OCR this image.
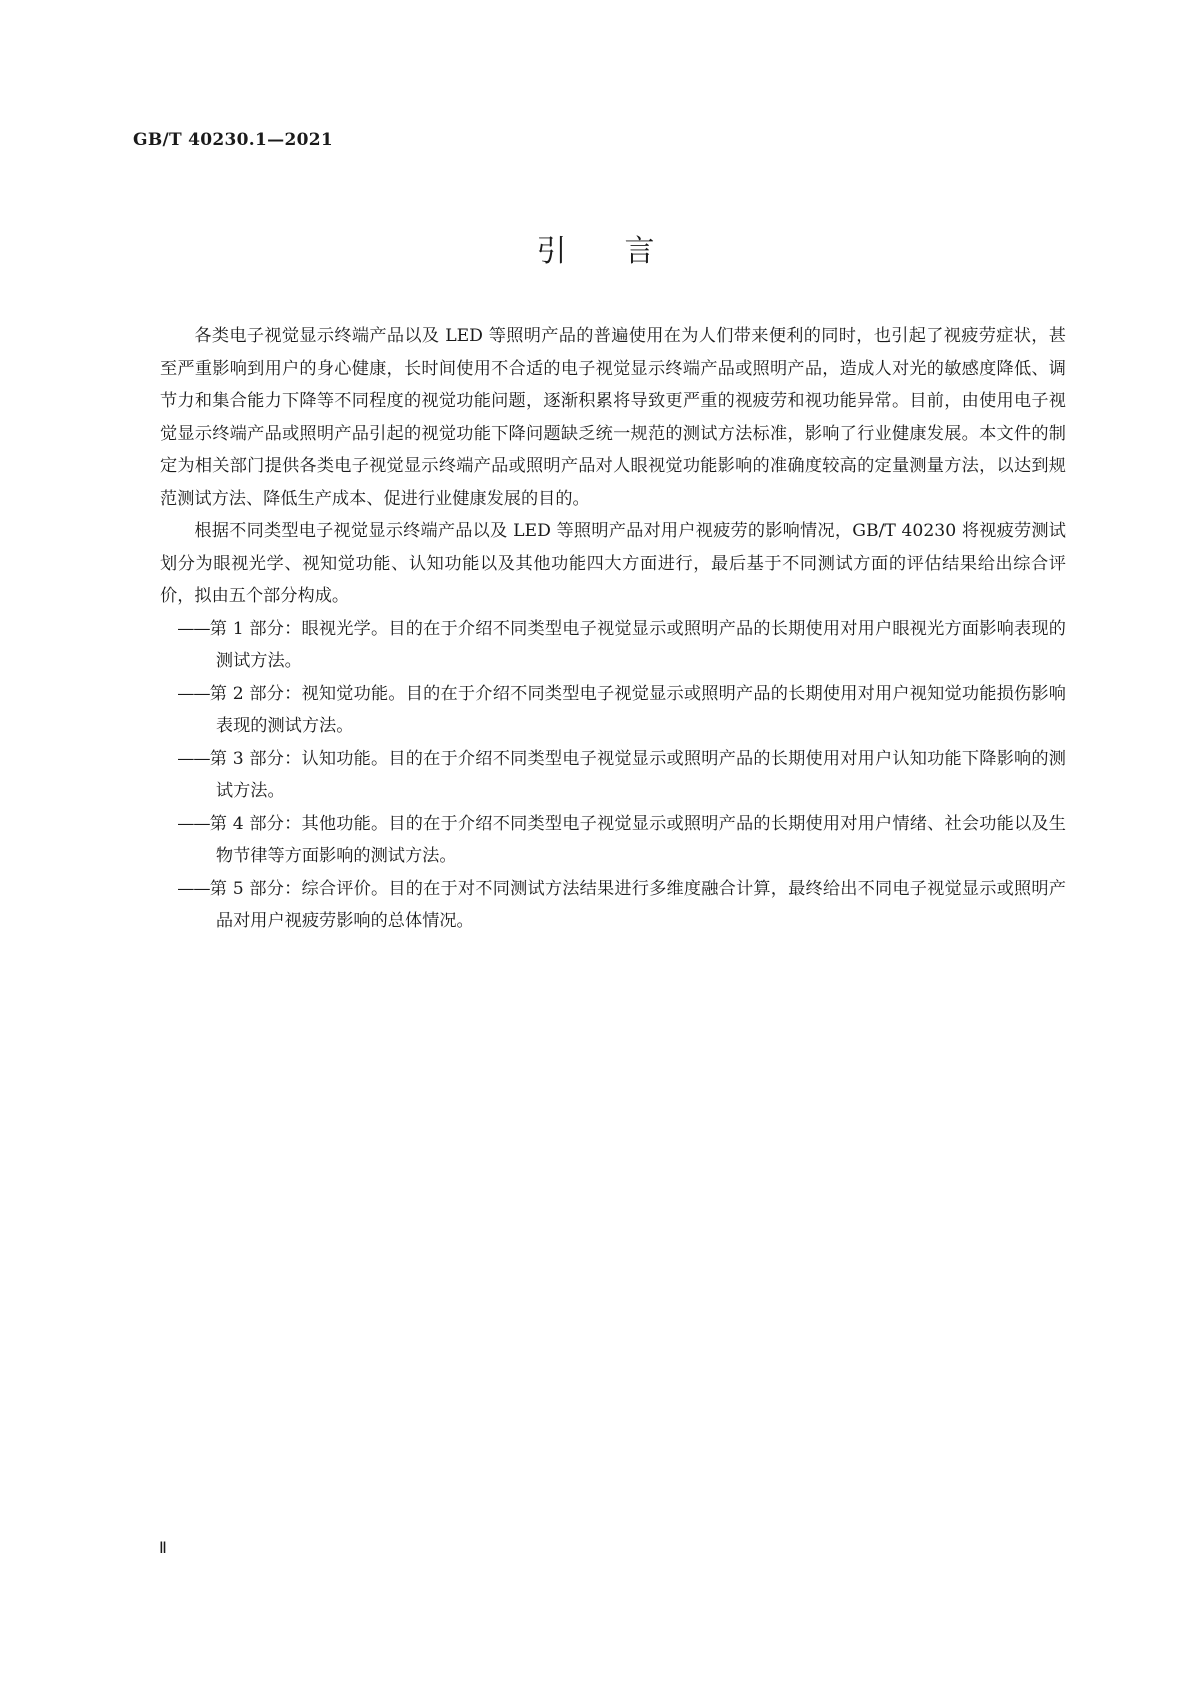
GB/T 40230.1—2021
引言

各类电子视觉显示终端产品以及 LED 等照明产品的普遍使用在为人们带来便利的同时，也引起了视疲劳症状，甚至严重影响到用户的身心健康，长时间使用不合适的电子视觉显示终端产品或照明产品，造成人对光的敏感度降低、调节力和集合能力下降等不同程度的视觉功能问题，逐渐积累将导致更严重的视疲劳和视功能异常。目前，由使用电子视觉显示终端产品或照明产品引起的视觉功能下降问题缺乏统一规范的测试方法标准，影响了行业健康发展。本文件的制定为相关部门提供各类电子视觉显示终端产品或照明产品对人眼视觉功能影响的准确度较高的定量测量方法，以达到规范测试方法、降低生产成本、促进行业健康发展的目的。

根据不同类型电子视觉显示终端产品以及 LED 等照明产品对用户视疲劳的影响情况，GB/T 40230 将视疲劳测试划分为眼视光学、视知觉功能、认知功能以及其他功能四大方面进行，最后基于不同测试方面的评估结果给出综合评价，拟由五个部分构成。

——第 1 部分：眼视光学。目的在于介绍不同类型电子视觉显示或照明产品的长期使用对用户眼视光方面影响表现的测试方法。
——第 2 部分：视知觉功能。目的在于介绍不同类型电子视觉显示或照明产品的长期使用对用户视知觉功能损伤影响表现的测试方法。
——第 3 部分：认知功能。目的在于介绍不同类型电子视觉显示或照明产品的长期使用对用户认知功能下降影响的测试方法。
——第 4 部分：其他功能。目的在于介绍不同类型电子视觉显示或照明产品的长期使用对用户情绪、社会功能以及生物节律等方面影响的测试方法。
——第 5 部分：综合评价。目的在于对不同测试方法结果进行多维度融合计算，最终给出不同电子视觉显示或照明产品对用户视疲劳影响的总体情况。
Ⅱ
